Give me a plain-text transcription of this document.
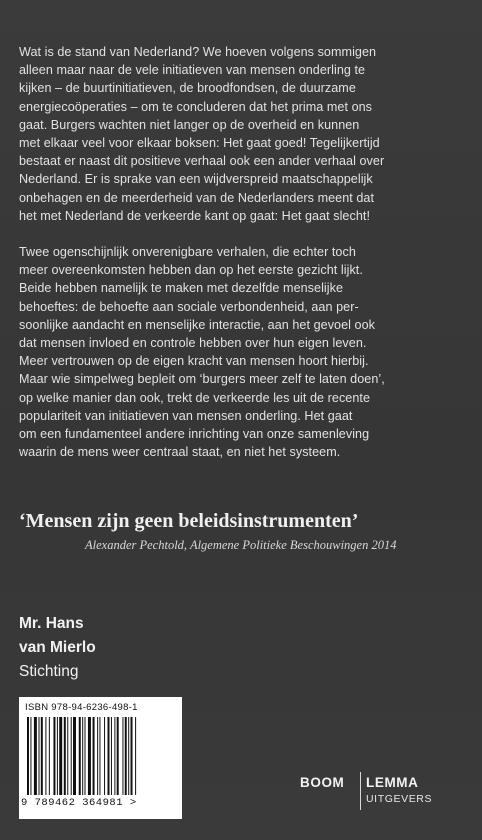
Wat is de stand van Nederland? We hoeven volgens sommigen
alleen maar naar de vele initiatieven van mensen onderling te
kijken – de buurtinitiatieven, de broodfondsen, de duurzame
energiecoöperaties – om te concluderen dat het prima met ons
gaat. Burgers wachten niet langer op de overheid en kunnen
met elkaar veel voor elkaar boksen: Het gaat goed! Tegelijkertijd
bestaat er naast dit positieve verhaal ook een ander verhaal over
Nederland. Er is sprake van een wijdverspreid maatschappelijk
onbehagen en de meerderheid van de Nederlanders meent dat
het met Nederland de verkeerde kant op gaat: Het gaat slecht!

Twee ogenschijnlijk onverenigbare verhalen, die echter toch
meer overeenkomsten hebben dan op het eerste gezicht lijkt.
Beide hebben namelijk te maken met dezelfde menselijke
behoeftes: de behoefte aan sociale verbondenheid, aan per-
soonlijke aandacht en menselijke interactie, aan het gevoel ook
dat mensen invloed en controle hebben over hun eigen leven.
Meer vertrouwen op de eigen kracht van mensen hoort hierbij.
Maar wie simpelweg bepleit om ‘burgers meer zelf te laten doen’,
op welke manier dan ook, trekt de verkeerde les uit de recente
populariteit van initiatieven van mensen onderling. Het gaat
om een fundamenteel andere inrichting van onze samenleving
waarin de mens weer centraal staat, en niet het systeem.

‘Mensen zijn geen beleidsinstrumenten’
Alexander Pechtold, Algemene Politieke Beschouwingen 2014
Mr. Hans
van Mierlo
Stichting
ISBN 978-94-6236-498-1
9 789462 364981 >
BOOM LEMMA
UITGEVERS
